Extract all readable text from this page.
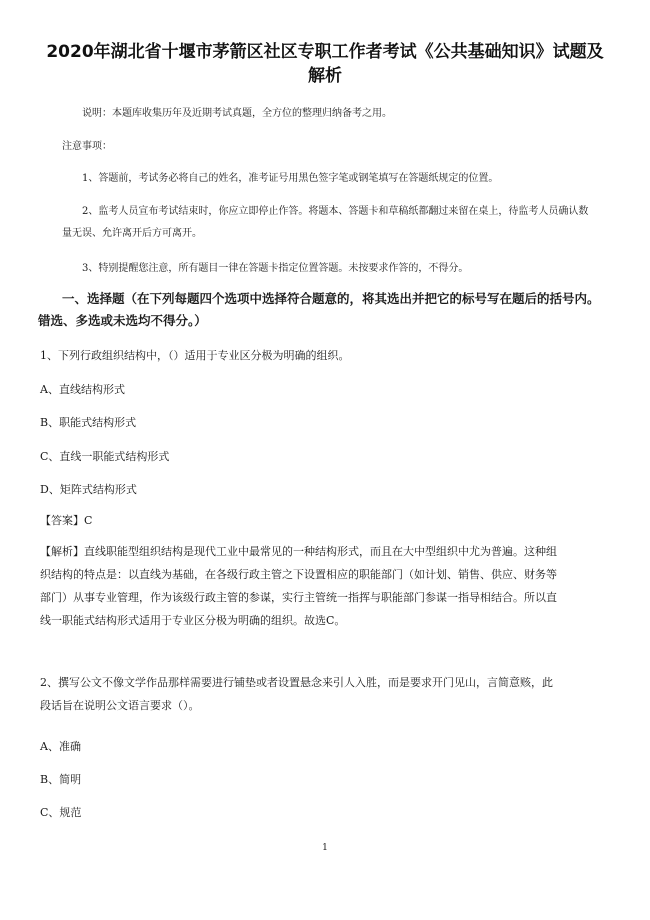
2020年湖北省十堰市茅箭区社区专职工作者考试《公共基础知识》试题及
解析
说明：本题库收集历年及近期考试真题，全方位的整理归纳备考之用。
注意事项：
1、答题前，考试务必将自己的姓名，准考证号用黑色签字笔或钢笔填写在答题纸规定的位置。
2、监考人员宣布考试结束时，你应立即停止作答。将题本、答题卡和草稿纸都翻过来留在桌上，待监考人员确认数
量无误、允许离开后方可离开。
3、特别提醒您注意，所有题目一律在答题卡指定位置答题。未按要求作答的，不得分。
一、选择题（在下列每题四个选项中选择符合题意的，将其选出并把它的标号写在题后的括号内。
错选、多选或未选均不得分。）
1、下列行政组织结构中，（）适用于专业区分极为明确的组织。
A、直线结构形式
B、职能式结构形式
C、直线一职能式结构形式
D、矩阵式结构形式
【答案】C
【解析】直线职能型组织结构是现代工业中最常见的一种结构形式，而且在大中型组织中尤为普遍。这种组
织结构的特点是：以直线为基础，在各级行政主管之下设置相应的职能部门（如计划、销售、供应、财务等
部门）从事专业管理，作为该级行政主管的参谋，实行主管统一指挥与职能部门参谋一指导相结合。所以直
线一职能式结构形式适用于专业区分极为明确的组织。故选C。
2、撰写公文不像文学作品那样需要进行铺垫或者设置悬念来引人入胜，而是要求开门见山，言简意赅，此
段话旨在说明公文语言要求（）。
A、准确
B、简明
C、规范
1
